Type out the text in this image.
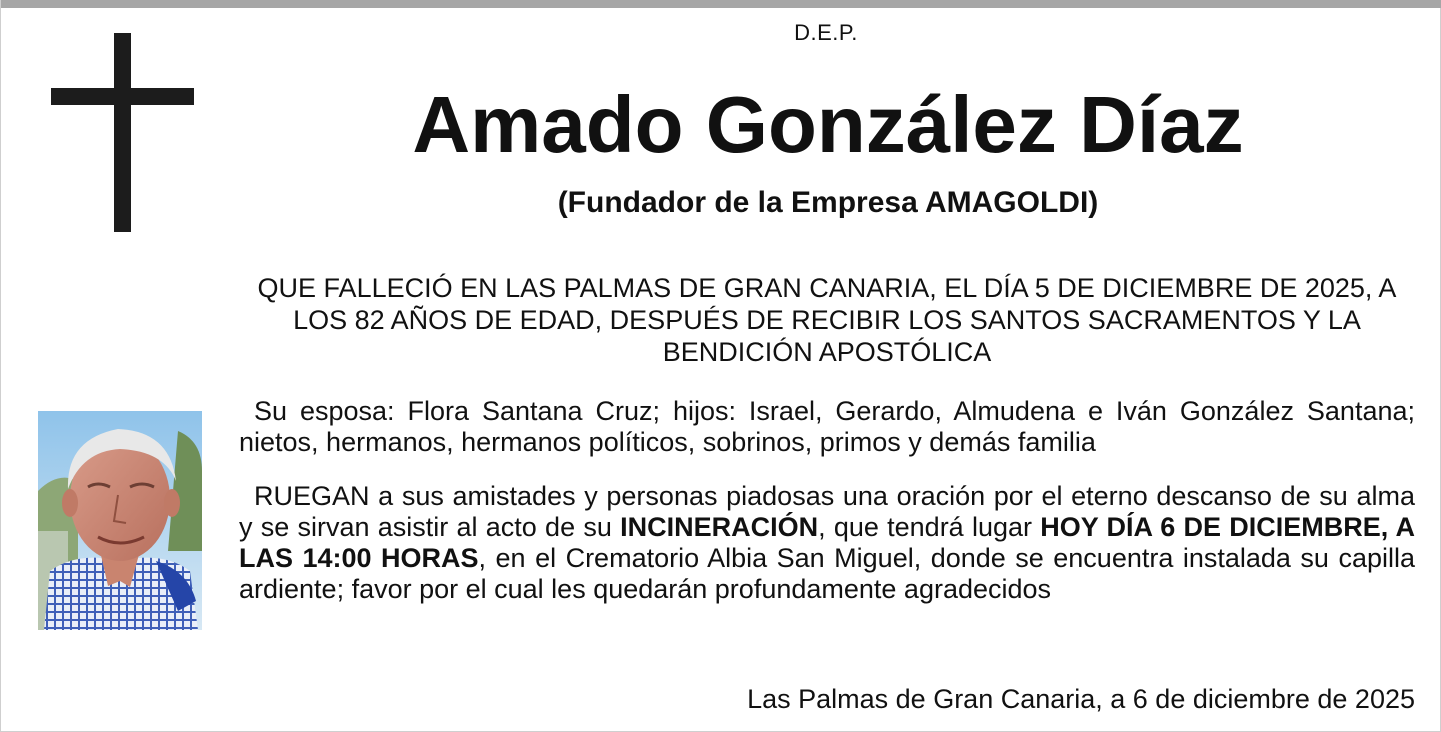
D.E.P.
Amado González Díaz
(Fundador de la Empresa AMAGOLDI)
QUE FALLECIÓ EN LAS PALMAS DE GRAN CANARIA, EL DÍA 5 DE DICIEMBRE DE 2025, A LOS 82 AÑOS DE EDAD, DESPUÉS DE RECIBIR LOS SANTOS SACRAMENTOS Y LA BENDICIÓN APOSTÓLICA

Su esposa: Flora Santana Cruz; hijos: Israel, Gerardo, Almudena e Iván González Santana; nietos, hermanos, hermanos políticos, sobrinos, primos y demás familia

RUEGAN a sus amistades y personas piadosas una oración por el eterno descanso de su alma y se sirvan asistir al acto de su INCINERACIÓN, que tendrá lugar HOY DÍA 6 DE DICIEMBRE, A LAS 14:00 HORAS, en el Crematorio Albia San Miguel, donde se encuentra instalada su capilla ardiente; favor por el cual les quedarán profundamente agradecidos

Las Palmas de Gran Canaria, a 6 de diciembre de 2025
